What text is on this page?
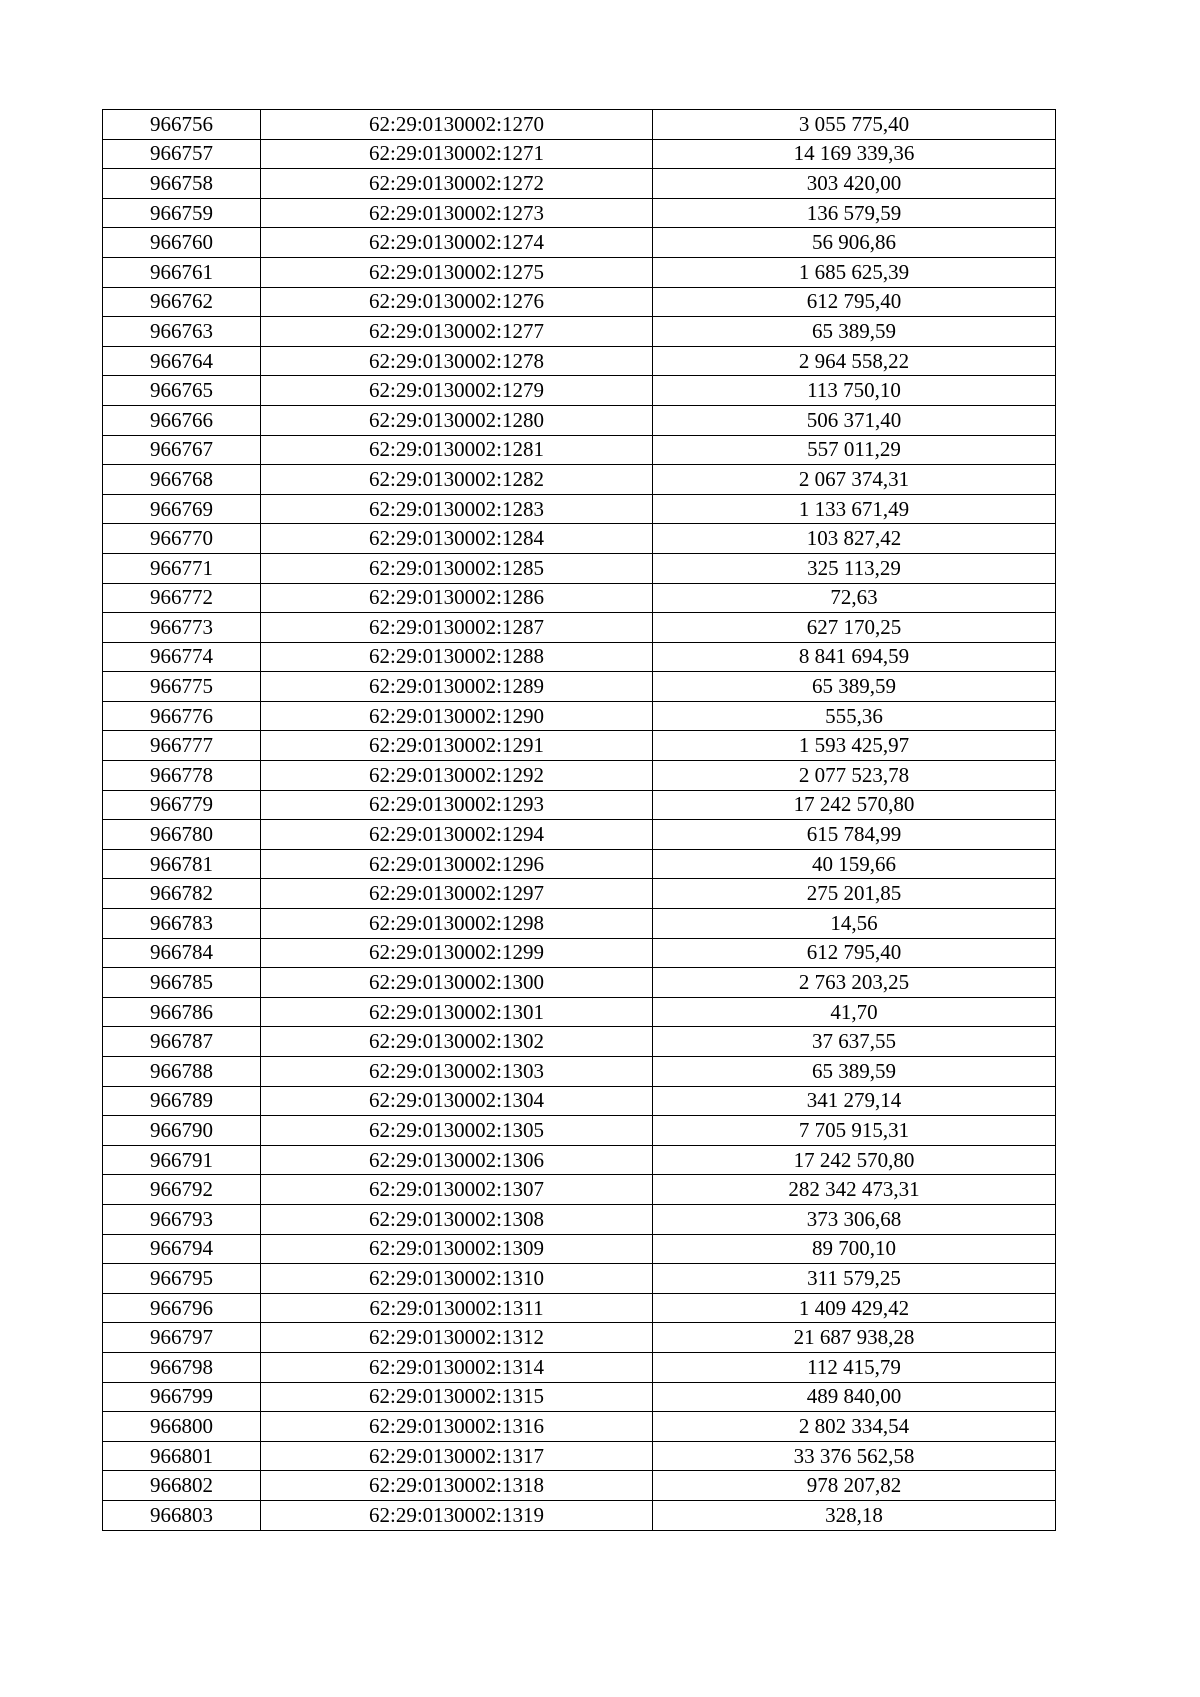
966756	62:29:0130002:1270	3 055 775,40
966757	62:29:0130002:1271	14 169 339,36
966758	62:29:0130002:1272	303 420,00
966759	62:29:0130002:1273	136 579,59
966760	62:29:0130002:1274	56 906,86
966761	62:29:0130002:1275	1 685 625,39
966762	62:29:0130002:1276	612 795,40
966763	62:29:0130002:1277	65 389,59
966764	62:29:0130002:1278	2 964 558,22
966765	62:29:0130002:1279	113 750,10
966766	62:29:0130002:1280	506 371,40
966767	62:29:0130002:1281	557 011,29
966768	62:29:0130002:1282	2 067 374,31
966769	62:29:0130002:1283	1 133 671,49
966770	62:29:0130002:1284	103 827,42
966771	62:29:0130002:1285	325 113,29
966772	62:29:0130002:1286	72,63
966773	62:29:0130002:1287	627 170,25
966774	62:29:0130002:1288	8 841 694,59
966775	62:29:0130002:1289	65 389,59
966776	62:29:0130002:1290	555,36
966777	62:29:0130002:1291	1 593 425,97
966778	62:29:0130002:1292	2 077 523,78
966779	62:29:0130002:1293	17 242 570,80
966780	62:29:0130002:1294	615 784,99
966781	62:29:0130002:1296	40 159,66
966782	62:29:0130002:1297	275 201,85
966783	62:29:0130002:1298	14,56
966784	62:29:0130002:1299	612 795,40
966785	62:29:0130002:1300	2 763 203,25
966786	62:29:0130002:1301	41,70
966787	62:29:0130002:1302	37 637,55
966788	62:29:0130002:1303	65 389,59
966789	62:29:0130002:1304	341 279,14
966790	62:29:0130002:1305	7 705 915,31
966791	62:29:0130002:1306	17 242 570,80
966792	62:29:0130002:1307	282 342 473,31
966793	62:29:0130002:1308	373 306,68
966794	62:29:0130002:1309	89 700,10
966795	62:29:0130002:1310	311 579,25
966796	62:29:0130002:1311	1 409 429,42
966797	62:29:0130002:1312	21 687 938,28
966798	62:29:0130002:1314	112 415,79
966799	62:29:0130002:1315	489 840,00
966800	62:29:0130002:1316	2 802 334,54
966801	62:29:0130002:1317	33 376 562,58
966802	62:29:0130002:1318	978 207,82
966803	62:29:0130002:1319	328,18
